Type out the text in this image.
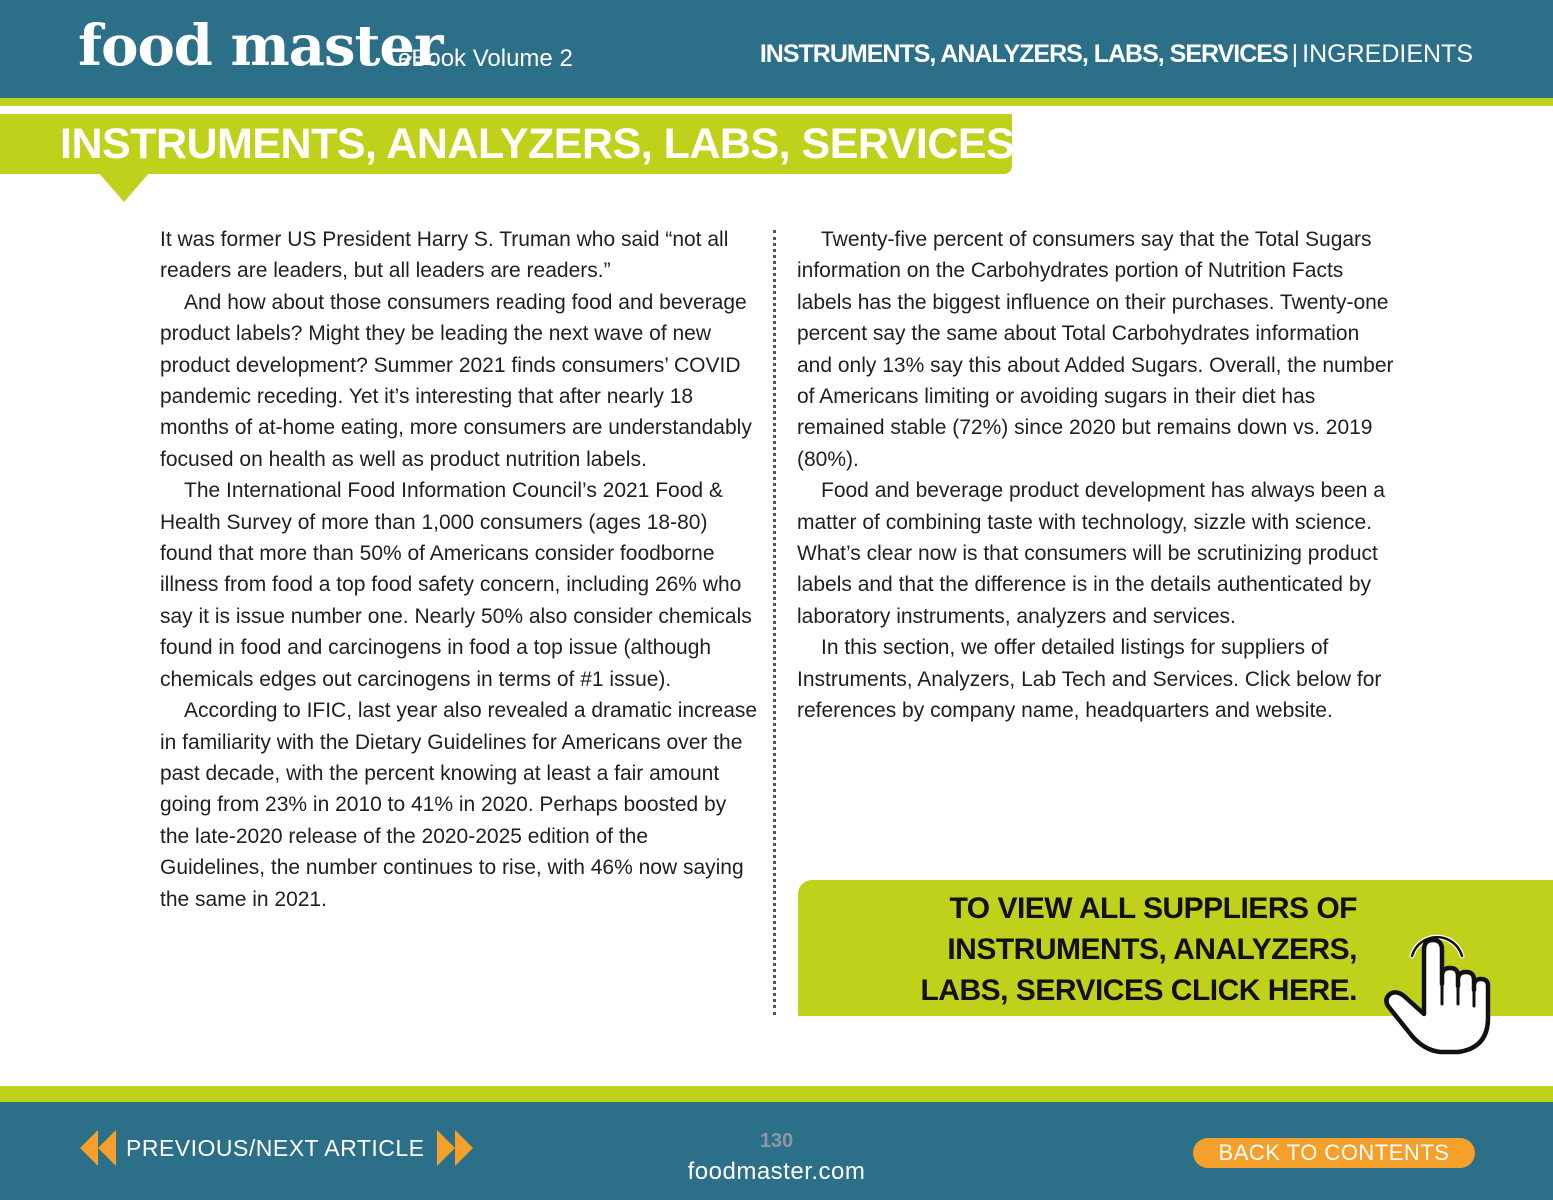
food master
eBook Volume 2	INSTRUMENTS, ANALYZERS, LABS, SERVICES | INGREDIENTS
INSTRUMENTS, ANALYZERS, LABS, SERVICES

It was former US President Harry S. Truman who said “not all readers are leaders, but all leaders are readers.”

And how about those consumers reading food and beverage product labels? Might they be leading the next wave of new product development? Summer 2021 finds consumers’ COVID pandemic receding. Yet it’s interesting that after nearly 18 months of at-home eating, more consumers are understandably focused on health as well as product nutrition labels.

The International Food Information Council’s 2021 Food & Health Survey of more than 1,000 consumers (ages 18-80) found that more than 50% of Americans consider foodborne illness from food a top food safety concern, including 26% who say it is issue number one. Nearly 50% also consider chemicals found in food and carcinogens in food a top issue (although chemicals edges out carcinogens in terms of #1 issue).

According to IFIC, last year also revealed a dramatic increase in familiarity with the Dietary Guidelines for Americans over the past decade, with the percent knowing at least a fair amount going from 23% in 2010 to 41% in 2020. Perhaps boosted by the late-2020 release of the 2020-2025 edition of the Guidelines, the number continues to rise, with 46% now saying the same in 2021.

Twenty-five percent of consumers say that the Total Sugars information on the Carbohydrates portion of Nutrition Facts labels has the biggest influence on their purchases. Twenty-one percent say the same about Total Carbohydrates information and only 13% say this about Added Sugars. Overall, the number of Americans limiting or avoiding sugars in their diet has remained stable (72%) since 2020 but remains down vs. 2019 (80%).

Food and beverage product development has always been a matter of combining taste with technology, sizzle with science. What’s clear now is that consumers will be scrutinizing product labels and that the difference is in the details authenticated by laboratory instruments, analyzers and services.

In this section, we offer detailed listings for suppliers of Instruments, Analyzers, Lab Tech and Services. Click below for references by company name, headquarters and website.

TO VIEW ALL SUPPLIERS OF
INSTRUMENTS, ANALYZERS,
LABS, SERVICES CLICK HERE.
PREVIOUS/NEXT ARTICLE	130
foodmaster.com
BACK TO CONTENTS
